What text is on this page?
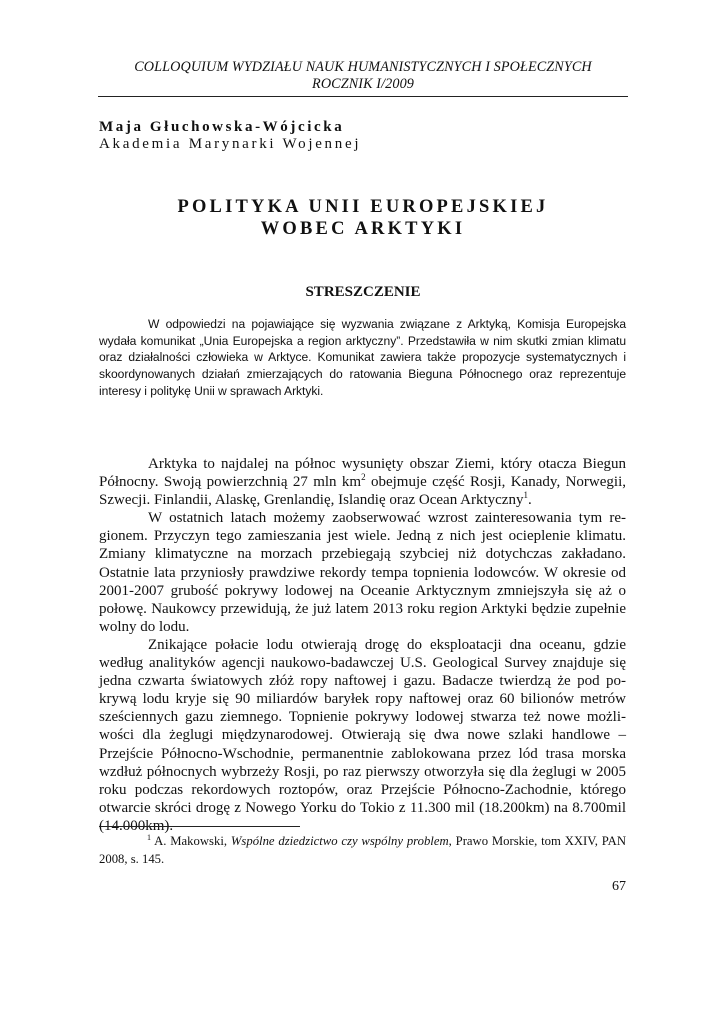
COLLOQUIUM WYDZIAŁU NAUK HUMANISTYCZNYCH I SPOŁECZNYCH
ROCZNIK I/2009
Maja Głuchowska-Wójcicka
Akademia Marynarki Wojennej
POLITYKA UNII EUROPEJSKIEJ
WOBEC ARKTYKI
STRESZCZENIE

W odpowiedzi na pojawiające się wyzwania związane z Arktyką, Komisja Europejska wydała komunikat „Unia Europejska a region arktyczny”. Przedstawiła w nim skutki zmian klimatu oraz działalności człowieka w Arktyce. Komunikat zawiera także propozycje systematycznych i skoordynowanych działań zmierzających do ratowania Bieguna Północnego oraz reprezentuje interesy i politykę Unii w sprawach Arktyki.

Arktyka to najdalej na północ wysunięty obszar Ziemi, który otacza Biegun Północny. Swoją powierzchnią 27 mln $km^2$ obejmuje część Rosji, Kanady, Norwegii, Szwecji. Finlandii, Alaskę, Grenlandię, Islandię oraz Ocean Arktyczny$^1$.

W ostatnich latach możemy zaobserwować wzrost zainteresowania tym regionem. Przyczyn tego zamieszania jest wiele. Jedną z nich jest ocieplenie klimatu. Zmiany klimatyczne na morzach przebiegają szybciej niż dotychczas zakładano. Ostatnie lata przyniosły prawdziwe rekordy tempa topnienia lodowców. W okresie od 2001-2007 grubość pokrywy lodowej na Oceanie Arktycznym zmniejszyła się aż o połowę. Naukowcy przewidują, że już latem 2013 roku region Arktyki będzie zupełnie wolny do lodu.

Znikające połacie lodu otwierają drogę do eksploatacji dna oceanu, gdzie według analityków agencji naukowo-badawczej U.S. Geological Survey znajduje się jedna czwarta światowych złóż ropy naftowej i gazu. Badacze twierdzą że pod pokrywą lodu kryje się 90 miliardów baryłek ropy naftowej oraz 60 bilionów metrów sześciennych gazu ziemnego. Topnienie pokrywy lodowej stwarza też nowe możliwości dla żeglugi międzynarodowej. Otwierają się dwa nowe szlaki handlowe – Przejście Północno-Wschodnie, permanentnie zablokowana przez lód trasa morska wzdłuż północnych wybrzeży Rosji, po raz pierwszy otworzyła się dla żeglugi w 2005 roku podczas rekordowych roztopów, oraz Przejście Północno-Zachodnie, którego otwarcie skróci drogę z Nowego Yorku do Tokio z 11.300 mil (18.200km) na 8.700mil (14.000km).

$^1$ A. Makowski, Wspólne dziedzictwo czy wspólny problem, Prawo Morskie, tom XXIV, PAN 2008, s. 145.

67
